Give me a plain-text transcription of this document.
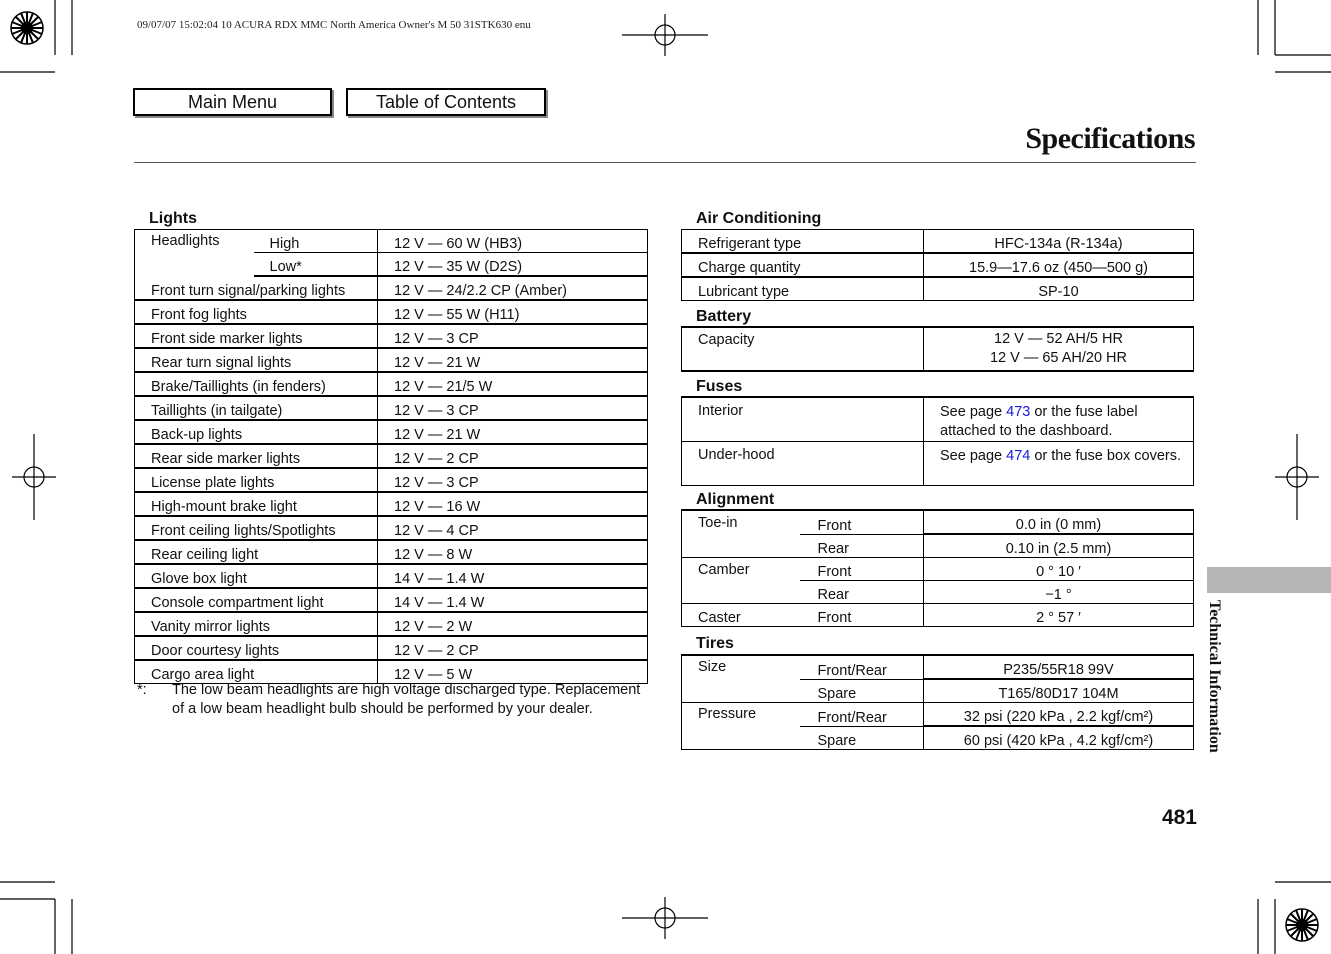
09/07/07 15:02:04 10 ACURA RDX MMC North America Owner's M 50 31STK630 enu
Main Menu	Table of Contents
Specifications
Lights
Headlights	High	12 V — 60 W (HB3)
	Low*	12 V — 35 W (D2S)
Front turn signal/parking lights		12 V — 24/2.2 CP (Amber)
Front fog lights		12 V — 55 W (H11)
Front side marker lights		12 V — 3 CP
Rear turn signal lights		12 V — 21 W
Brake/Taillights (in fenders)		12 V — 21/5 W
Taillights (in tailgate)		12 V — 3 CP
Back-up lights		12 V — 21 W
Rear side marker lights		12 V — 2 CP
License plate lights		12 V — 3 CP
High-mount brake light		12 V — 16 W
Front ceiling lights/Spotlights		12 V — 4 CP
Rear ceiling light		12 V — 8 W
Glove box light		14 V — 1.4 W
Console compartment light		14 V — 1.4 W
Vanity mirror lights		12 V — 2 W
Door courtesy lights		12 V — 2 CP
Cargo area light		12 V — 5 W
*: The low beam headlights are high voltage discharged type. Replacement of a low beam headlight bulb should be performed by your dealer.
Air Conditioning
Refrigerant type	HFC-134a (R-134a)
Charge quantity	15.9—17.6 oz (450—500 g)
Lubricant type	SP-10
Battery
Capacity	12 V — 52 AH/5 HR
12 V — 65 AH/20 HR
Fuses
Interior	See page 473 or the fuse label attached to the dashboard.
Under-hood	See page 474 or the fuse box covers.
Alignment
Toe-in	Front	0.0 in (0 mm)
	Rear	0.10 in (2.5 mm)
Camber	Front	0 ° 10 ′
	Rear	−1 °
Caster	Front	2 ° 57 ′
Tires
Size	Front/Rear	P235/55R18 99V
	Spare	T165/80D17 104M
Pressure	Front/Rear	32 psi (220 kPa , 2.2 kgf/cm²)
	Spare	60 psi (420 kPa , 4.2 kgf/cm²)	Technical Information
481
